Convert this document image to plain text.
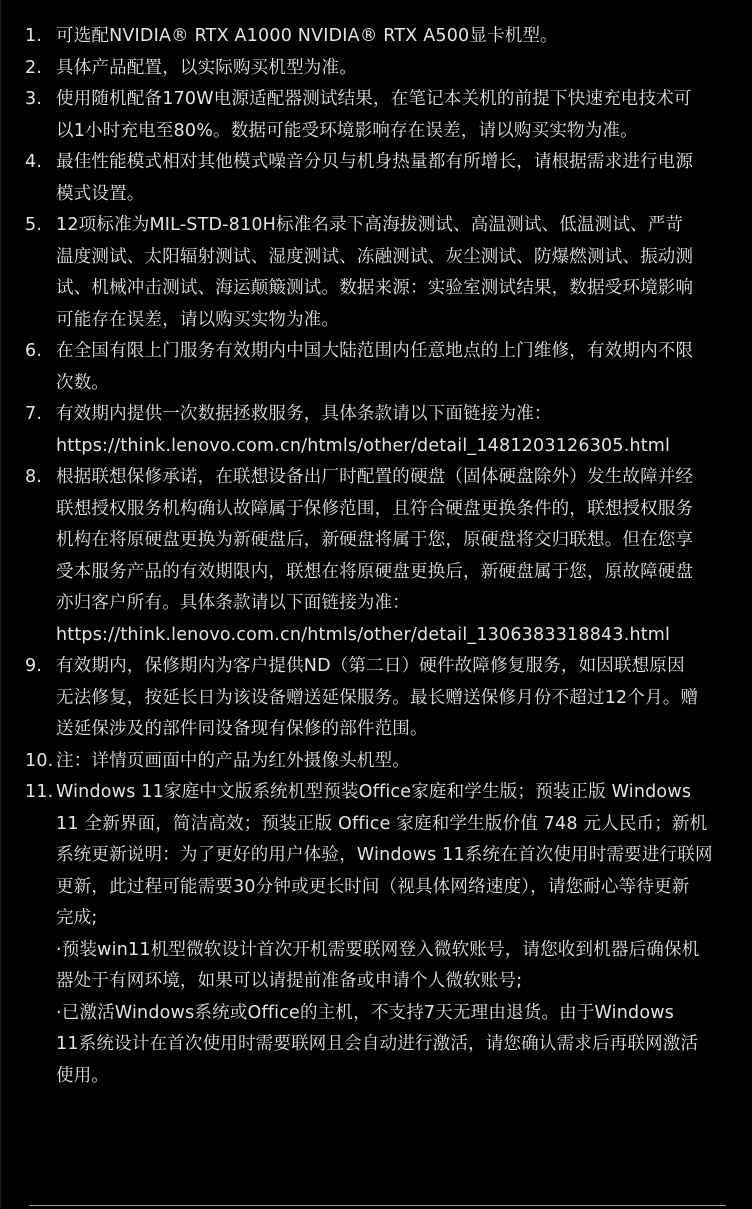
1. 可选配NVIDIA® RTX A1000 NVIDIA® RTX A500显卡机型。
2. 具体产品配置，以实际购买机型为准。
3. 使用随机配备170W电源适配器测试结果，在笔记本关机的前提下快速充电技术可
以1小时充电至80%。数据可能受环境影响存在误差，请以购买实物为准。
4. 最佳性能模式相对其他模式噪音分贝与机身热量都有所增长，请根据需求进行电源
模式设置。
5. 12项标准为MIL-STD-810H标准名录下高海拔测试、高温测试、低温测试、严苛
温度测试、太阳辐射测试、湿度测试、冻融测试、灰尘测试、防爆燃测试、振动测
试、机械冲击测试、海运颠簸测试。数据来源：实验室测试结果，数据受环境影响
可能存在误差，请以购买实物为准。
6. 在全国有限上门服务有效期内中国大陆范围内任意地点的上门维修，有效期内不限
次数。
7. 有效期内提供一次数据拯救服务，具体条款请以下面链接为准：
https://think.lenovo.com.cn/htmls/other/detail_1481203126305.html
8. 根据联想保修承诺，在联想设备出厂时配置的硬盘（固体硬盘除外）发生故障并经
联想授权服务机构确认故障属于保修范围，且符合硬盘更换条件的，联想授权服务
机构在将原硬盘更换为新硬盘后，新硬盘将属于您，原硬盘将交归联想。但在您享
受本服务产品的有效期限内，联想在将原硬盘更换后，新硬盘属于您，原故障硬盘
亦归客户所有。具体条款请以下面链接为准：
https://think.lenovo.com.cn/htmls/other/detail_1306383318843.html
9. 有效期内，保修期内为客户提供ND（第二日）硬件故障修复服务，如因联想原因
无法修复，按延长日为该设备赠送延保服务。最长赠送保修月份不超过12个月。赠
送延保涉及的部件同设备现有保修的部件范围。
10. 注：详情页画面中的产品为红外摄像头机型。
11. Windows 11家庭中文版系统机型预装Office家庭和学生版；预装正版 Windows
11 全新界面，简洁高效；预装正版 Office 家庭和学生版价值 748 元人民币；新机
系统更新说明：为了更好的用户体验，Windows 11系统在首次使用时需要进行联网
更新，此过程可能需要30分钟或更长时间（视具体网络速度），请您耐心等待更新
完成;
·预装win11机型微软设计首次开机需要联网登入微软账号，请您收到机器后确保机
器处于有网环境，如果可以请提前准备或申请个人微软账号;
·已激活Windows系统或Office的主机，不支持7天无理由退货。由于Windows
11系统设计在首次使用时需要联网且会自动进行激活，请您确认需求后再联网激活
使用。
